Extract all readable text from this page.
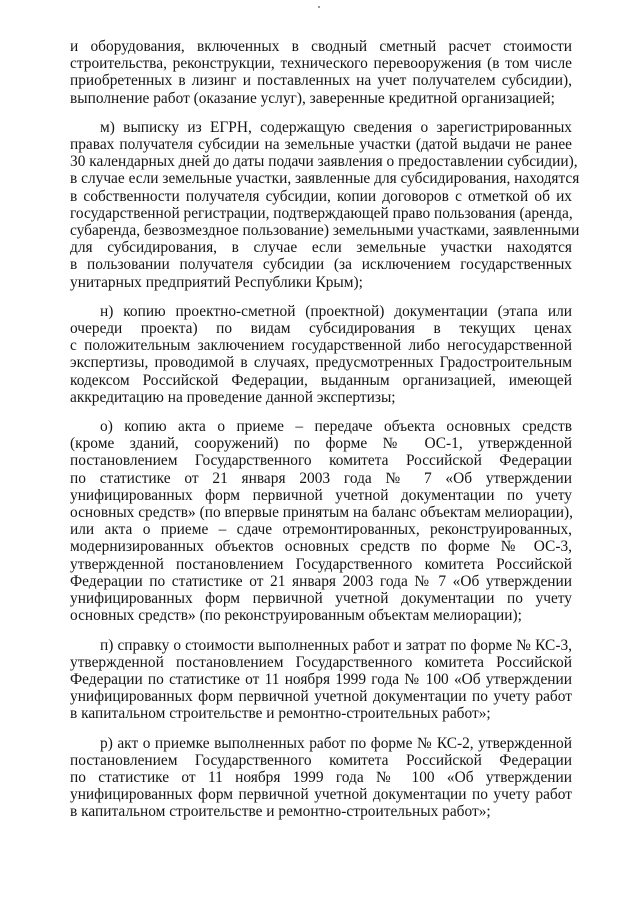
и оборудования, включенных в сводный сметный расчет стоимости
строительства, реконструкции, технического перевооружения (в том числе
приобретенных в лизинг и поставленных на учет получателем субсидии),
выполнение работ (оказание услуг), заверенные кредитной организацией;
м) выписку из ЕГРН, содержащую сведения о зарегистрированных
правах получателя субсидии на земельные участки (датой выдачи не ранее
30 календарных дней до даты подачи заявления о предоставлении субсидии),
в случае если земельные участки, заявленные для субсидирования, находятся
в собственности получателя субсидии, копии договоров с отметкой об их
государственной регистрации, подтверждающей право пользования (аренда,
субаренда, безвозмездное пользование) земельными участками, заявленными
для субсидирования, в случае если земельные участки находятся
в пользовании получателя субсидии (за исключением государственных
унитарных предприятий Республики Крым);
н) копию проектно-сметной (проектной) документации (этапа или
очереди проекта) по видам субсидирования в текущих ценах
с положительным заключением государственной либо негосударственной
экспертизы, проводимой в случаях, предусмотренных Градостроительным
кодексом Российской Федерации, выданным организацией, имеющей
аккредитацию на проведение данной экспертизы;
о) копию акта о приеме – передаче объекта основных средств
(кроме зданий, сооружений) по форме № ОС-1, утвержденной
постановлением Государственного комитета Российской Федерации
по статистике от 21 января 2003 года № 7 «Об утверждении
унифицированных форм первичной учетной документации по учету
основных средств» (по впервые принятым на баланс объектам мелиорации),
или акта о приеме – сдаче отремонтированных, реконструированных,
модернизированных объектов основных средств по форме № ОС-3,
утвержденной постановлением Государственного комитета Российской
Федерации по статистике от 21 января 2003 года № 7 «Об утверждении
унифицированных форм первичной учетной документации по учету
основных средств» (по реконструированным объектам мелиорации);
п) справку о стоимости выполненных работ и затрат по форме № КС-3,
утвержденной постановлением Государственного комитета Российской
Федерации по статистике от 11 ноября 1999 года № 100 «Об утверждении
унифицированных форм первичной учетной документации по учету работ
в капитальном строительстве и ремонтно-строительных работ»;
р) акт о приемке выполненных работ по форме № КС-2, утвержденной
постановлением Государственного комитета Российской Федерации
по статистике от 11 ноября 1999 года № 100 «Об утверждении
унифицированных форм первичной учетной документации по учету работ
в капитальном строительстве и ремонтно-строительных работ»;
